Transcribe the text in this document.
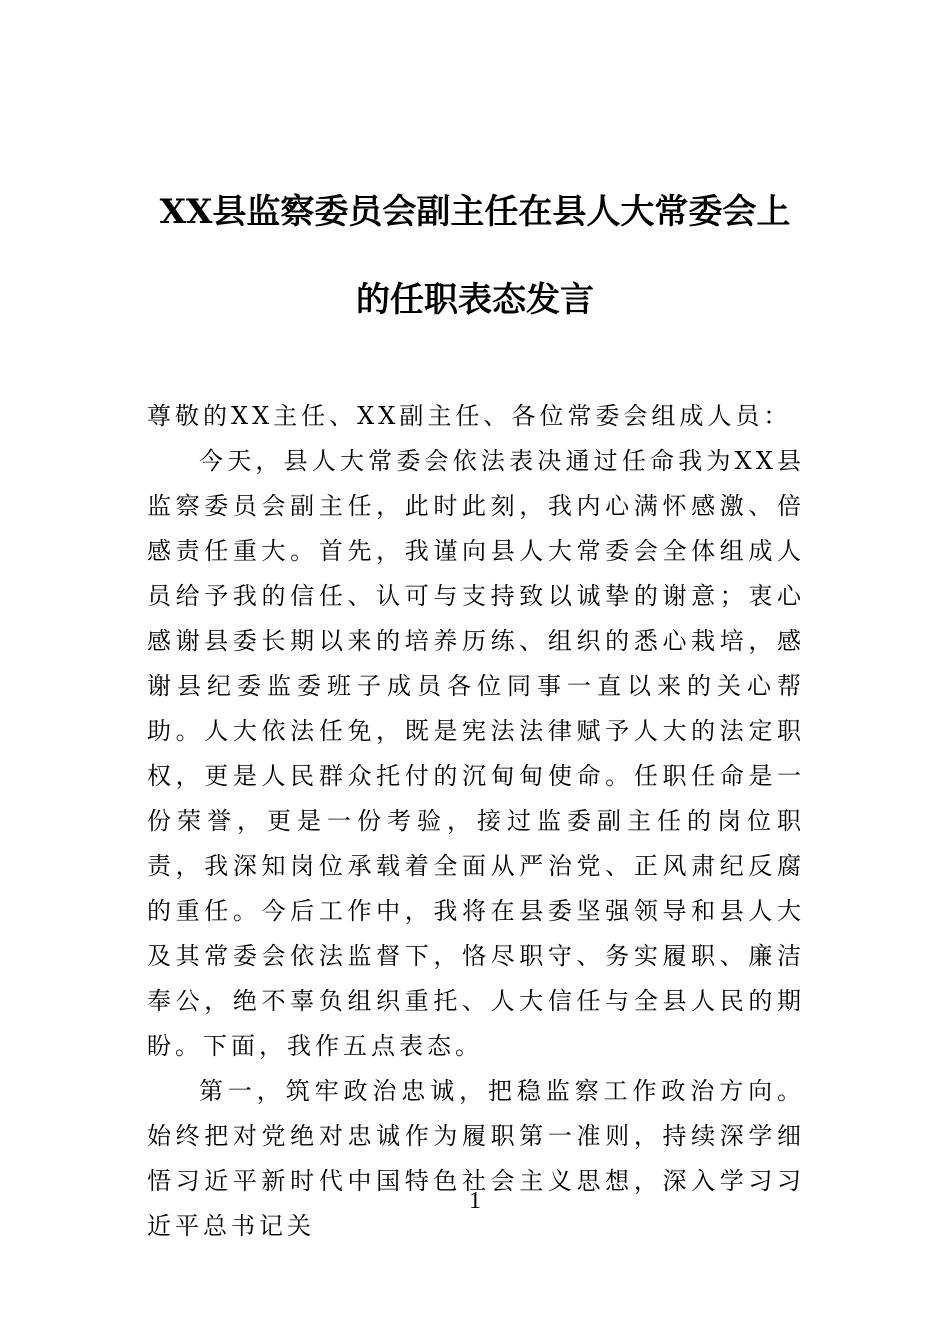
XX县监察委员会副主任在县人大常委会上
的任职表态发言

尊敬的XX主任、XX副主任、各位常委会组成人员：

今天，县人大常委会依法表决通过任命我为XX县监察委员会副主任，此时此刻，我内心满怀感激、倍感责任重大。首先，我谨向县人大常委会全体组成人员给予我的信任、认可与支持致以诚挚的谢意；衷心感谢县委长期以来的培养历练、组织的悉心栽培，感谢县纪委监委班子成员各位同事一直以来的关心帮助。人大依法任免，既是宪法法律赋予人大的法定职权，更是人民群众托付的沉甸甸使命。任职任命是一份荣誉，更是一份考验，接过监委副主任的岗位职责，我深知岗位承载着全面从严治党、正风肃纪反腐的重任。今后工作中，我将在县委坚强领导和县人大及其常委会依法监督下，恪尽职守、务实履职、廉洁奉公，绝不辜负组织重托、人大信任与全县人民的期盼。下面，我作五点表态。

第一，筑牢政治忠诚，把稳监察工作政治方向。始终把对党绝对忠诚作为履职第一准则，持续深学细悟习近平新时代中国特色社会主义思想，深入学习习近平总书记关

1
